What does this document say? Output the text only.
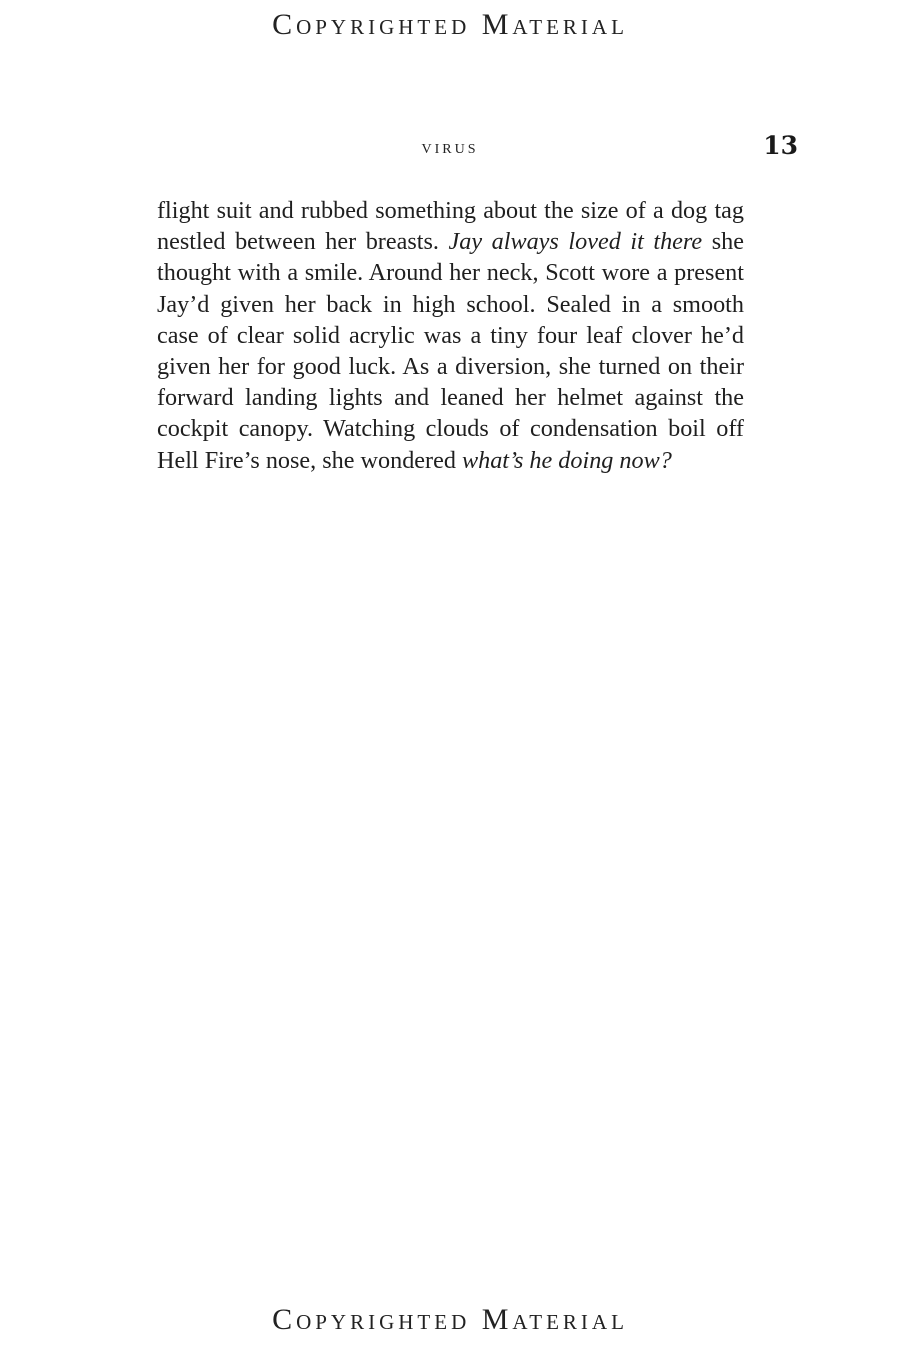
Copyrighted Material
virus	13
flight suit and rubbed something about the size of a dog tag nestled between her breasts. Jay always loved it there she thought with a smile. Around her neck, Scott wore a present Jay’d given her back in high school. Sealed in a smooth case of clear solid acrylic was a tiny four leaf clover he’d given her for good luck. As a diversion, she turned on their forward landing lights and leaned her helmet against the cockpit canopy. Watching clouds of condensation boil off Hell Fire’s nose, she wondered what’s he doing now?
Copyrighted Material
